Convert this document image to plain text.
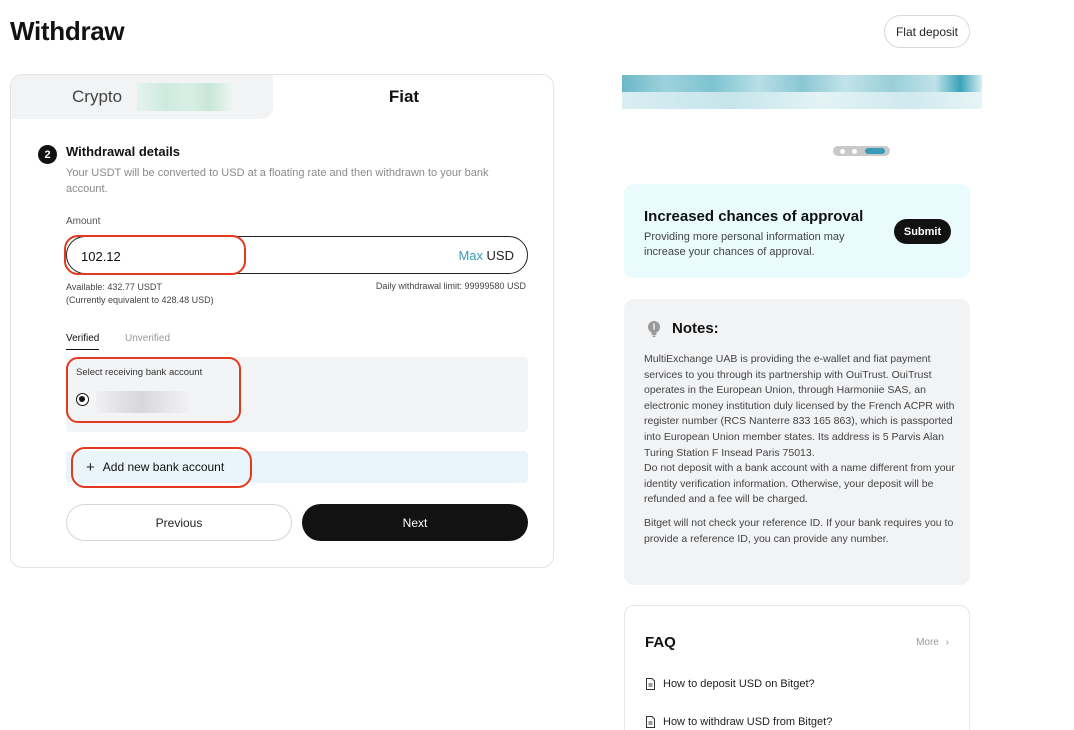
Withdraw	Flat deposit
Crypto	Fiat
2	Withdrawal details
Your USDT will be converted to USD at a floating rate and then withdrawn to your bank account.
Amount
102.12
Max USD
Available: 432.77 USDT
(Currently equivalent to 428.48 USD)
Daily withdrawal limit: 99999580 USD
Verified	Unverified
Select receiving bank account
+ Add new bank account
Previous	Next
Increased chances of approval
Providing more personal information may increase your chances of approval.
Submit
Notes:

MultiExchange UAB is providing the e-wallet and fiat payment services to you through its partnership with OuiTrust. OuiTrust operates in the European Union, through Harmoniie SAS, an electronic money institution duly licensed by the French ACPR with register number (RCS Nanterre 833 165 863), which is passported into European Union member states. Its address is 5 Parvis Alan Turing Station F Insead Paris 75013.

Do not deposit with a bank account with a name different from your identity verification information. Otherwise, your deposit will be refunded and a fee will be charged.

Bitget will not check your reference ID. If your bank requires you to provide a reference ID, you can provide any number.

FAQ	More ›
How to deposit USD on Bitget?
How to withdraw USD from Bitget?
